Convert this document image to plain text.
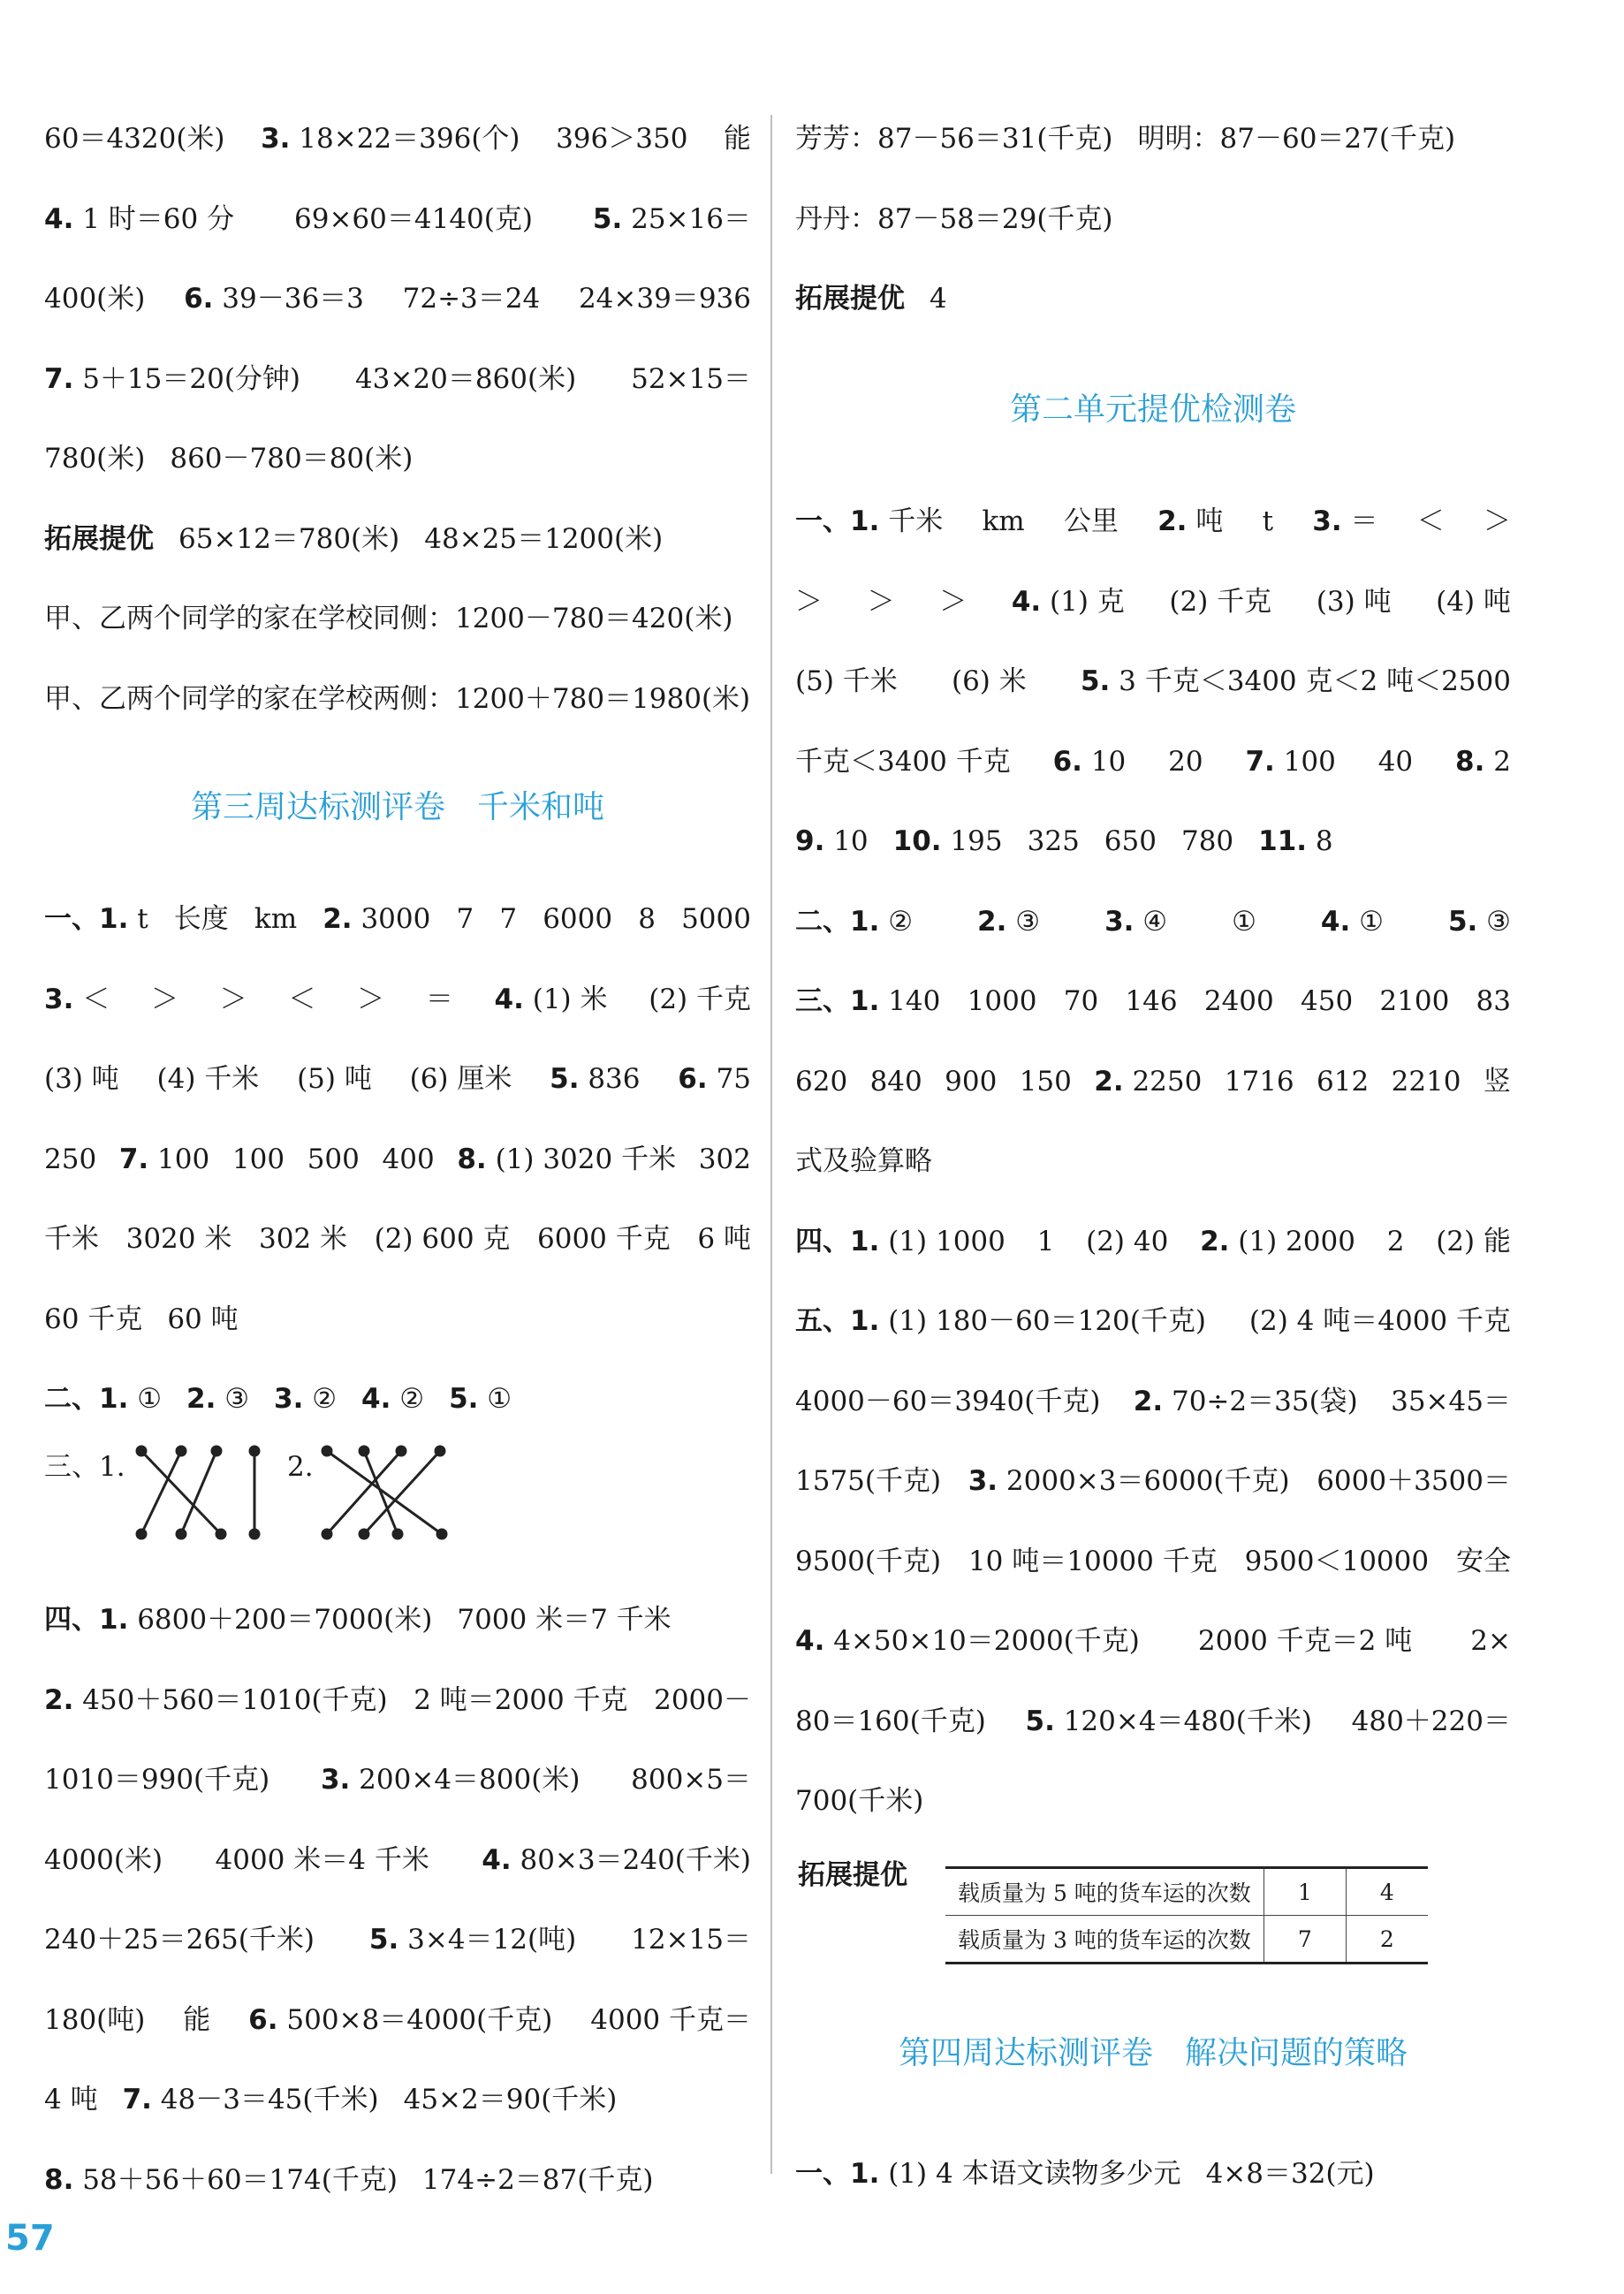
60＝4320(米) 3. 18×22＝396(个) 396＞350 能
4. 1 时＝60 分 69×60＝4140(克) 5. 25×16＝
400(米) 6. 39－36＝3 72÷3＝24 24×39＝936
7. 5＋15＝20(分钟) 43×20＝860(米) 52×15＝
780(米) 860－780＝80(米)
拓展提优 65×12＝780(米) 48×25＝1200(米)
甲、乙两个同学的家在学校同侧：1200－780＝420(米)
甲、乙两个同学的家在学校两侧：1200＋780＝1980(米)
一、1. t 长度 km 2. 3000 7 7 6000 8 5000
3. ＜ ＞ ＞ ＜ ＞ ＝ 4. (1) 米 (2) 千克
(3) 吨 (4) 千米 (5) 吨 (6) 厘米 5. 836 6. 75
250 7. 100 100 500 400 8. (1) 3020 千米 302
千米 3020 米 302 米 (2) 600 克 6000 千克 6 吨
60 千克 60 吨
二、1. ① 2. ③ 3. ② 4. ② 5. ①
四、1. 6800＋200＝7000(米) 7000 米＝7 千米
2. 450＋560＝1010(千克) 2 吨＝2000 千克 2000－
1010＝990(千克) 3. 200×4＝800(米) 800×5＝
4000(米) 4000 米＝4 千米 4. 80×3＝240(千米)
240＋25＝265(千米) 5. 3×4＝12(吨) 12×15＝
180(吨) 能 6. 500×8＝4000(千克) 4000 千克＝
4 吨 7. 48－3＝45(千米) 45×2＝90(千米)
8. 58＋56＋60＝174(千克) 174÷2＝87(千克)
芳芳：87－56＝31(千克) 明明：87－60＝27(千克)
丹丹：87－58＝29(千克)
拓展提优 4
一、1. 千米 km 公里 2. 吨 t 3. ＝ ＜ ＞
＞ ＞ ＞ 4. (1) 克 (2) 千克 (3) 吨 (4) 吨
(5) 千米 (6) 米 5. 3 千克＜3400 克＜2 吨＜2500
千克＜3400 千克 6. 10 20 7. 100 40 8. 2
9. 10 10. 195 325 650 780 11. 8
二、1. ② 2. ③ 3. ④ ① 4. ① 5. ③
三、1. 140 1000 70 146 2400 450 2100 83
620 840 900 150 2. 2250 1716 612 2210 竖
式及验算略
四、1. (1) 1000 1 (2) 40 2. (1) 2000 2 (2) 能
五、1. (1) 180－60＝120(千克) (2) 4 吨＝4000 千克
4000－60＝3940(千克) 2. 70÷2＝35(袋) 35×45＝
1575(千克) 3. 2000×3＝6000(千克) 6000＋3500＝
9500(千克) 10 吨＝10000 千克 9500＜10000 安全
4. 4×50×10＝2000(千克) 2000 千克＝2 吨 2×
80＝160(千克) 5. 120×4＝480(千米) 480＋220＝
700(千米)
一、1. (1) 4 本语文读物多少元 4×8＝32(元)
第三周达标测评卷　千米和吨
第二单元提优检测卷
第四周达标测评卷　解决问题的策略
三、1.	2.
拓展提优
载质量为 5 吨的货车运的次数	1	4
载质量为 3 吨的货车运的次数	7	2
57
